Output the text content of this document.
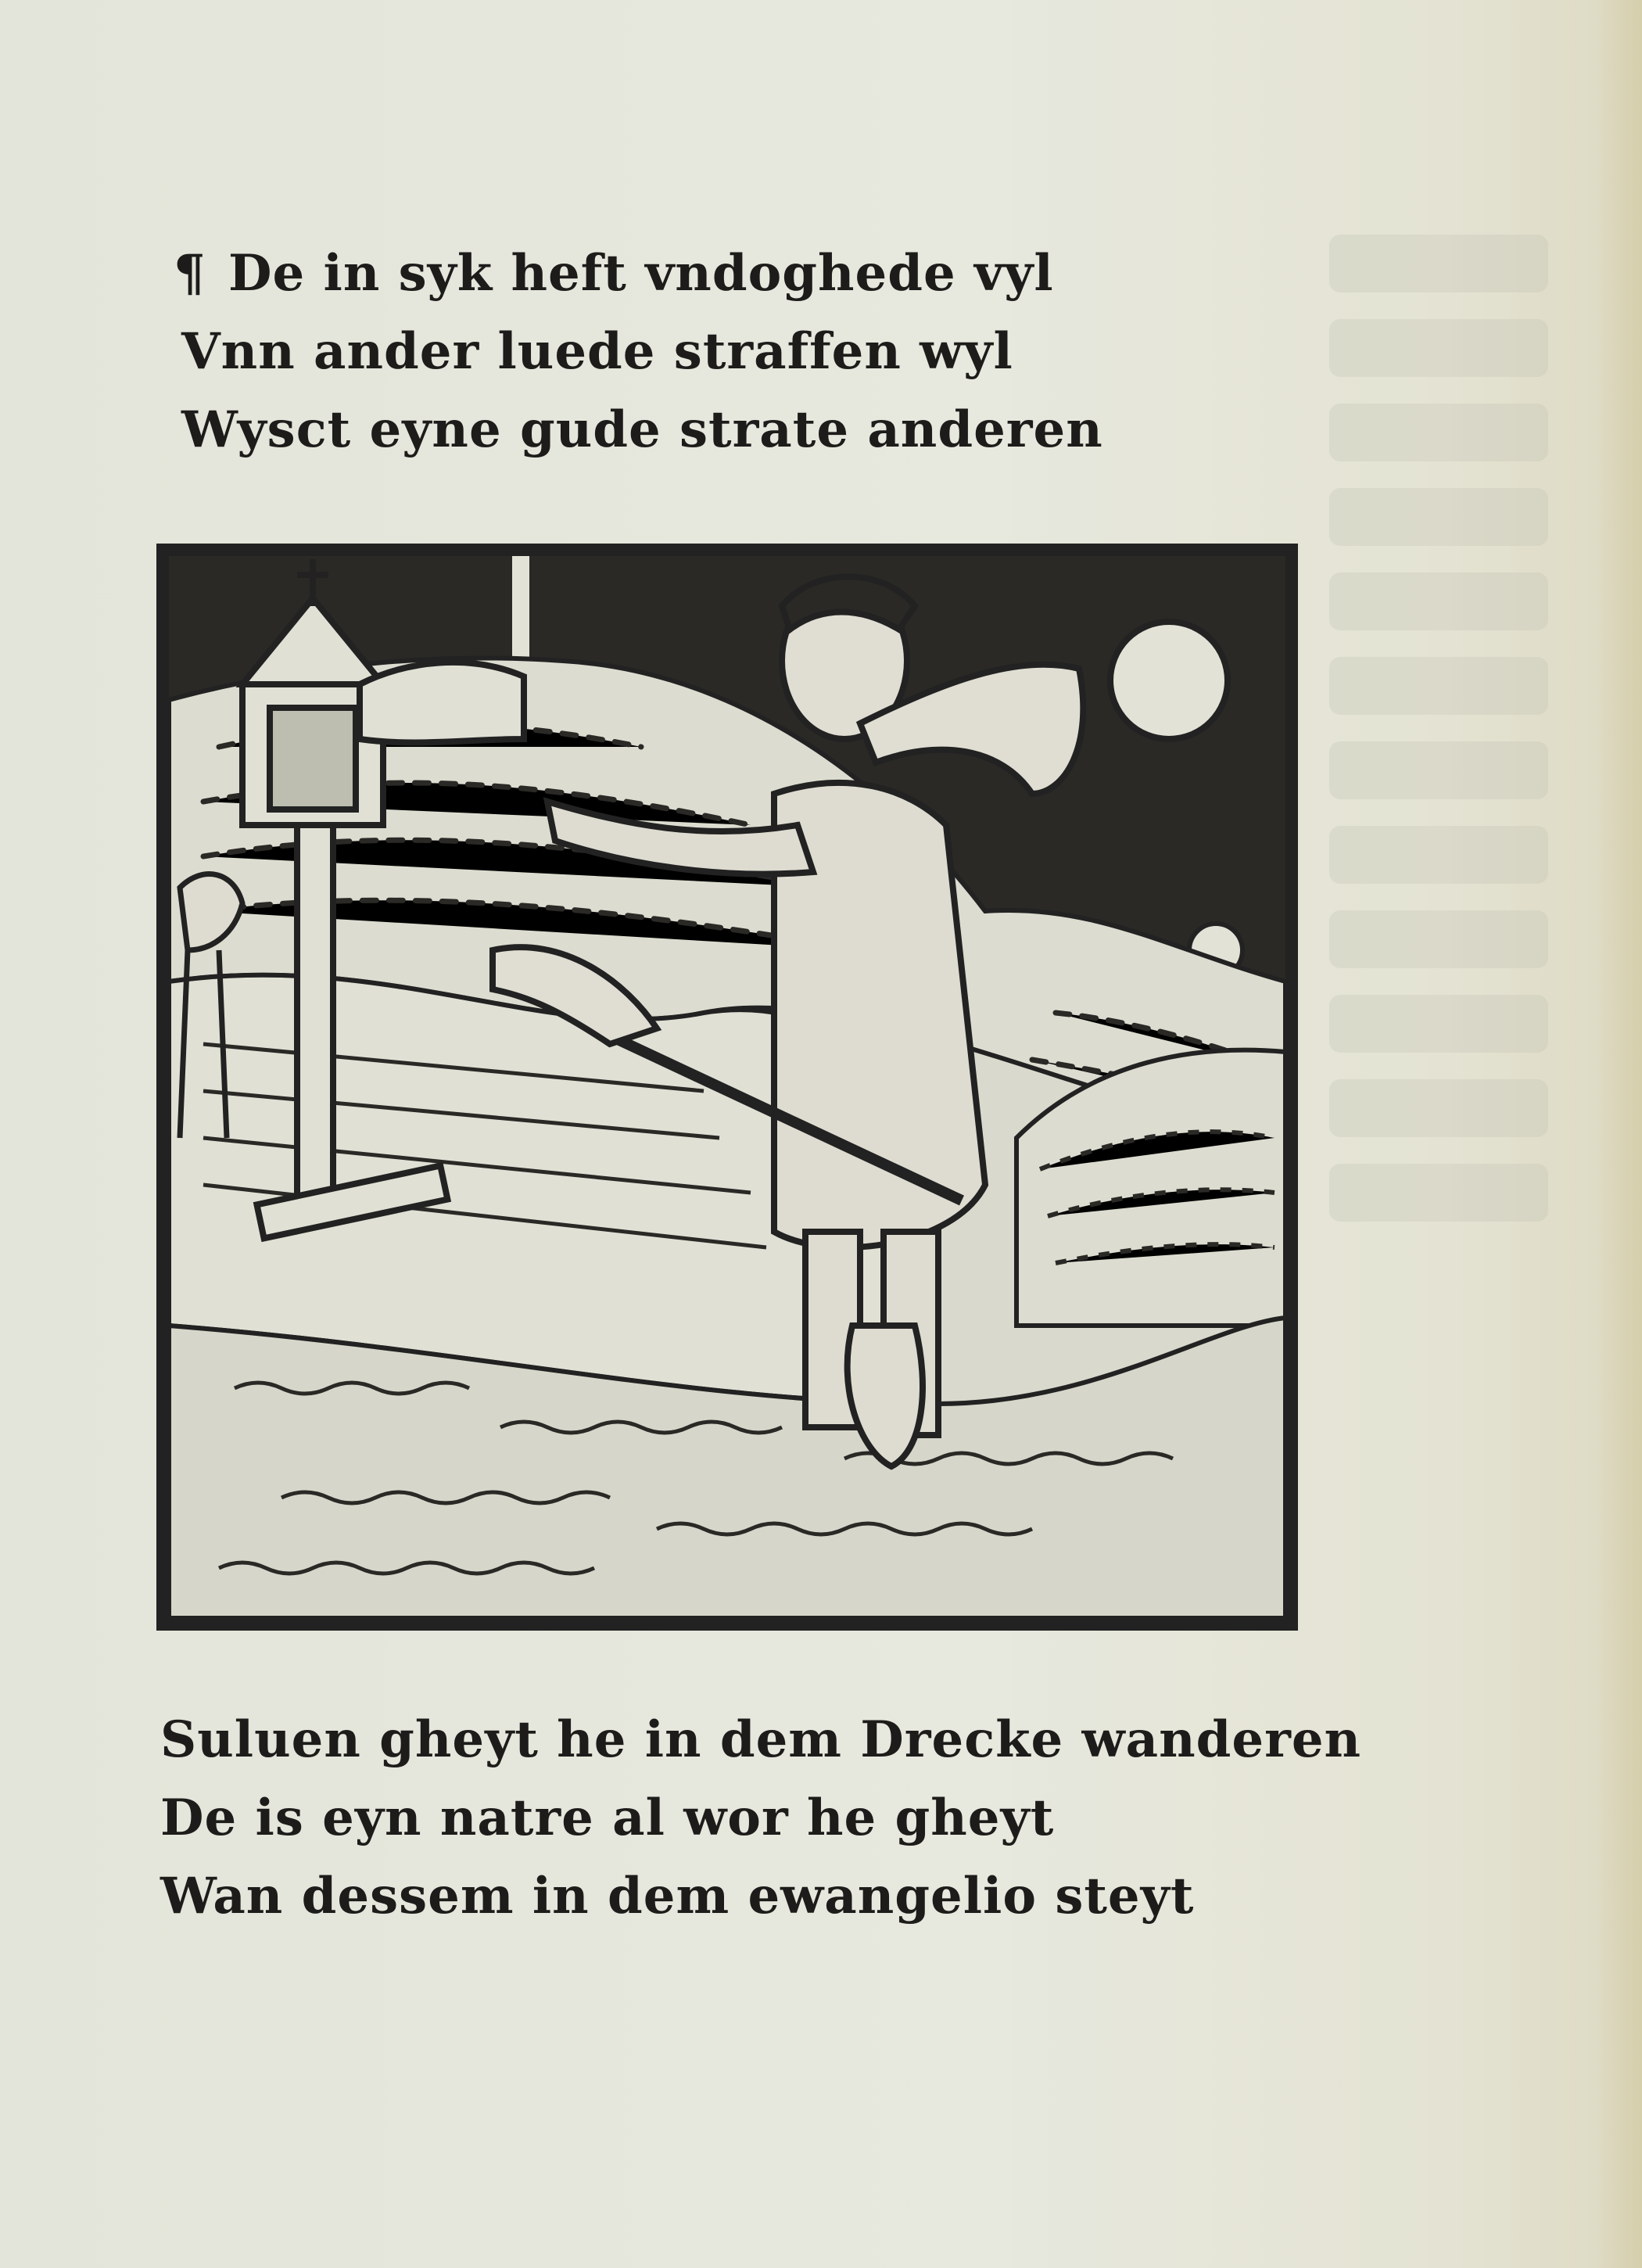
¶ De in syk heft vndoghede vyl
Vnn ander luede straffen wyl
Wysct eyne gude strate anderen

Suluen gheyt he in dem Drecke wanderen
De is eyn natre al wor he gheyt
Wan dessem in dem ewangelio steyt
